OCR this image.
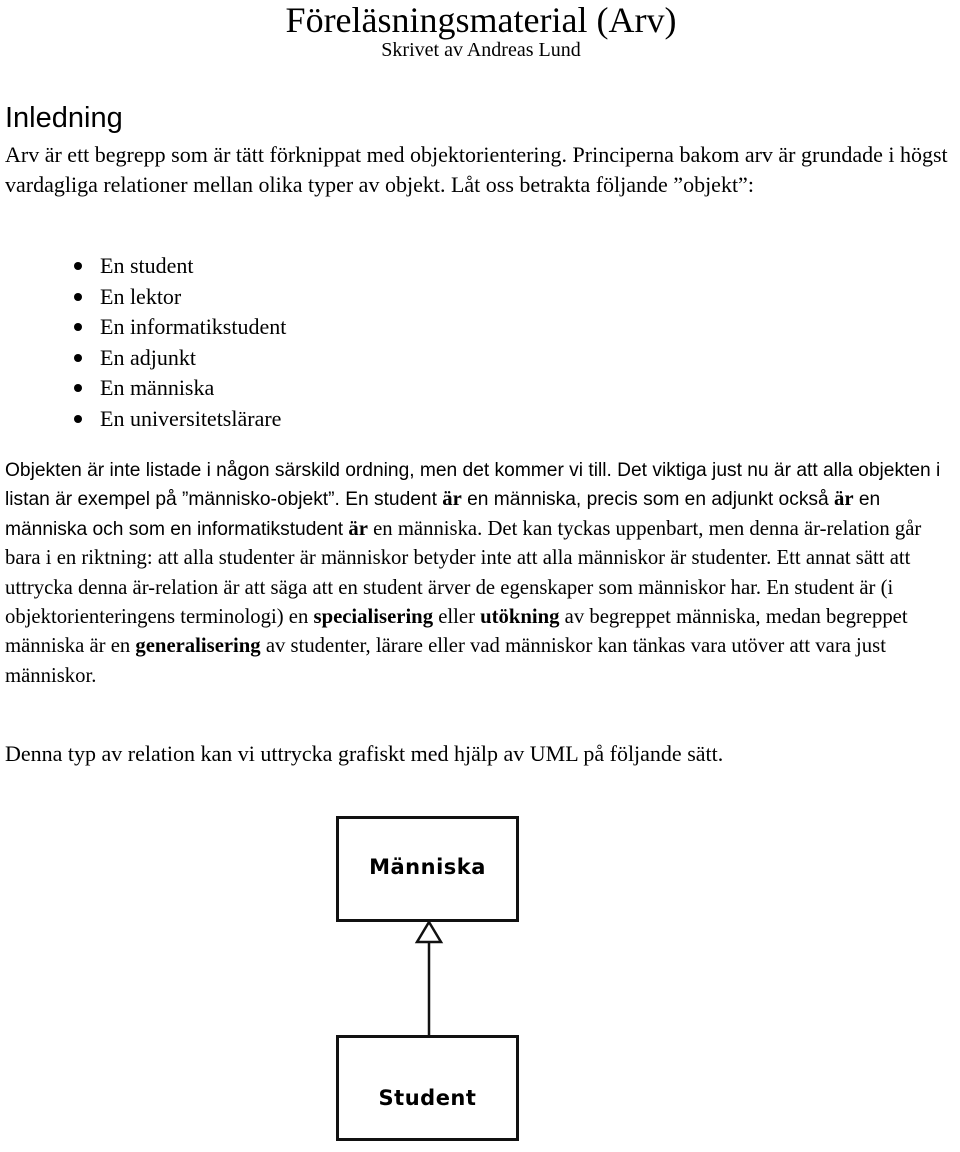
Föreläsningsmaterial (Arv)
Skrivet av Andreas Lund
Inledning

Arv är ett begrepp som är tätt förknippat med objektorientering. Principerna bakom arv är grundade i högst vardagliga relationer mellan olika typer av objekt. Låt oss betrakta följande ”objekt”:

En student
En lektor
En informatikstudent
En adjunkt
En människa
En universitetslärare

Objekten är inte listade i någon särskild ordning, men det kommer vi till. Det viktiga just nu är att alla objekten i listan är exempel på ”människo-objekt”. En student är en människa, precis som en adjunkt också är en människa och som en informatikstudent är en människa. Det kan tyckas uppenbart, men denna är-relation går bara i en riktning: att alla studenter är människor betyder inte att alla människor är studenter. Ett annat sätt att uttrycka denna är-relation är att säga att en student ärver de egenskaper som människor har. En student är (i objektorienteringens terminologi) en specialisering eller utökning av begreppet människa, medan begreppet människa är en generalisering av studenter, lärare eller vad människor kan tänkas vara utöver att vara just människor.

Denna typ av relation kan vi uttrycka grafiskt med hjälp av UML på följande sätt.

Människa
Student
